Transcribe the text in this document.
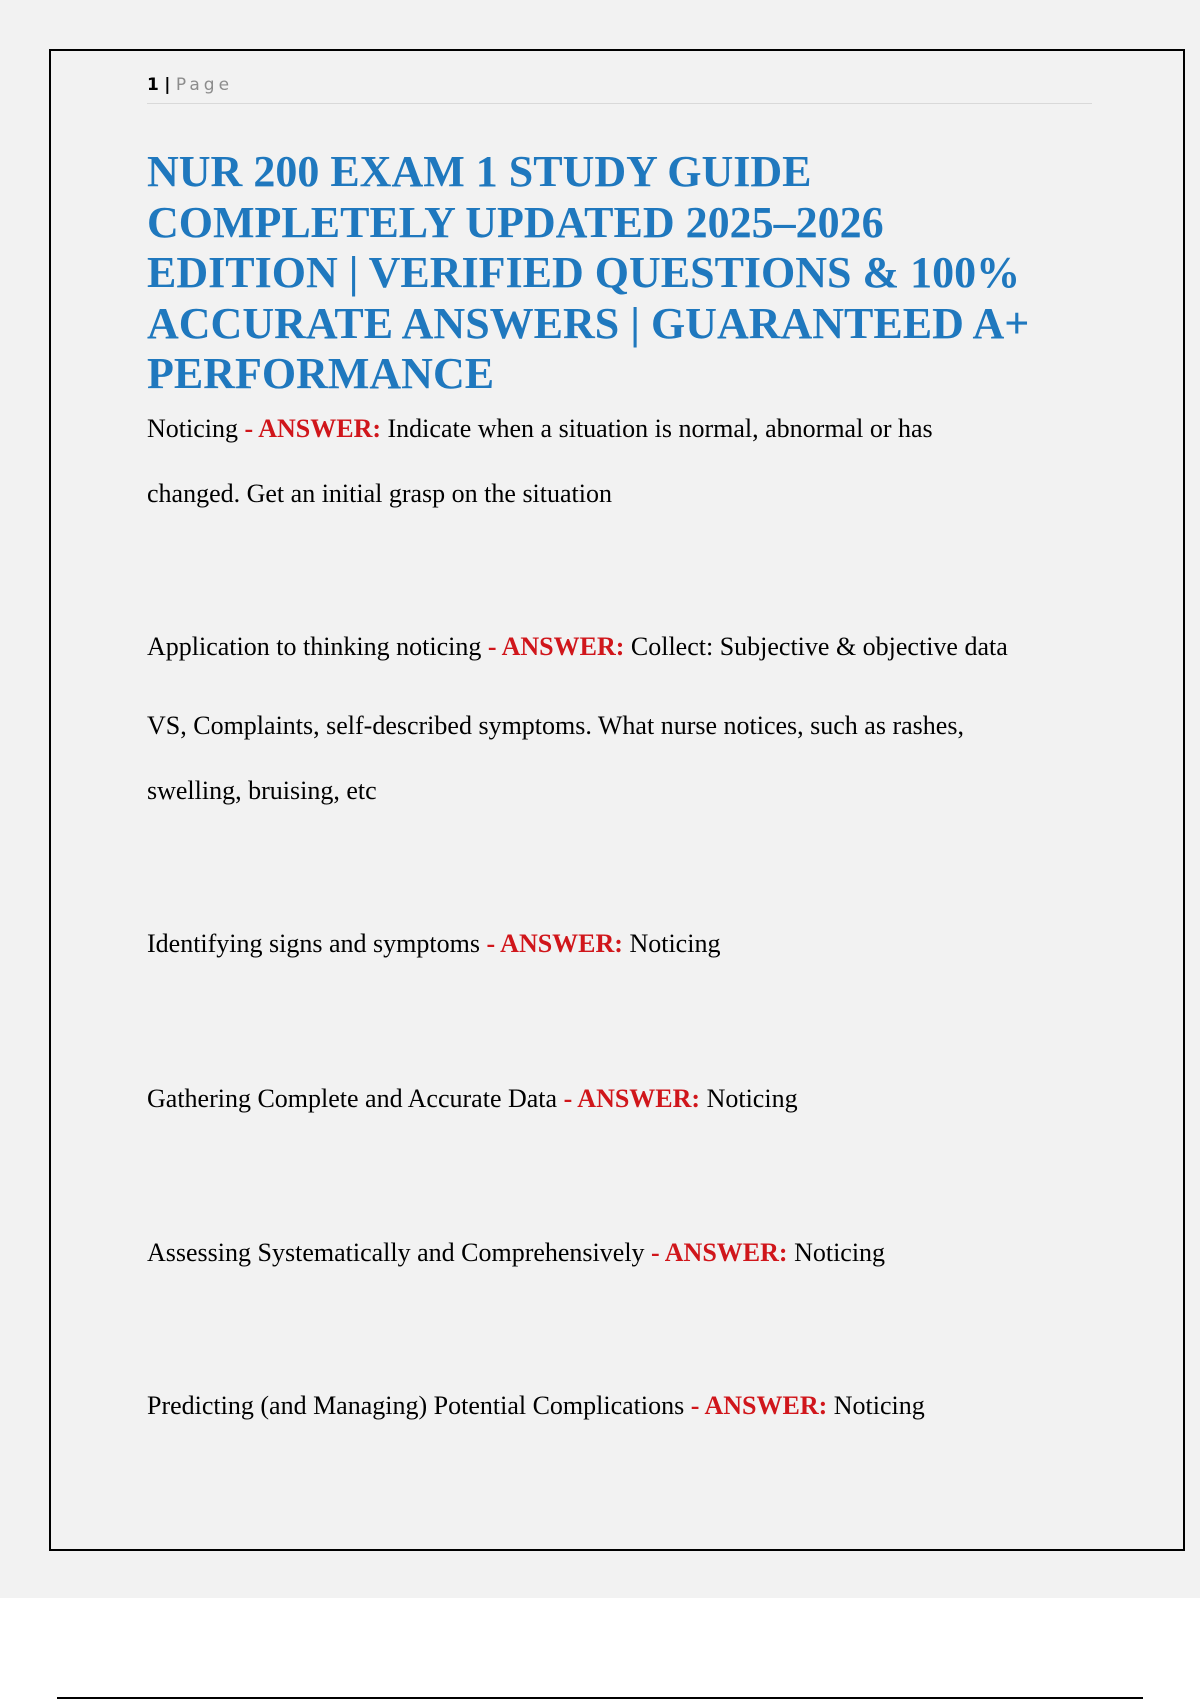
1 | Page
NUR 200 EXAM 1 STUDY GUIDE
COMPLETELY UPDATED 2025–2026
EDITION | VERIFIED QUESTIONS & 100%
ACCURATE ANSWERS | GUARANTEED A+
PERFORMANCE

Noticing - ANSWER: Indicate when a situation is normal, abnormal or has
changed. Get an initial grasp on the situation

Application to thinking noticing - ANSWER: Collect: Subjective & objective data
VS, Complaints, self-described symptoms. What nurse notices, such as rashes,
swelling, bruising, etc

Identifying signs and symptoms - ANSWER: Noticing

Gathering Complete and Accurate Data - ANSWER: Noticing

Assessing Systematically and Comprehensively - ANSWER: Noticing

Predicting (and Managing) Potential Complications - ANSWER: Noticing
